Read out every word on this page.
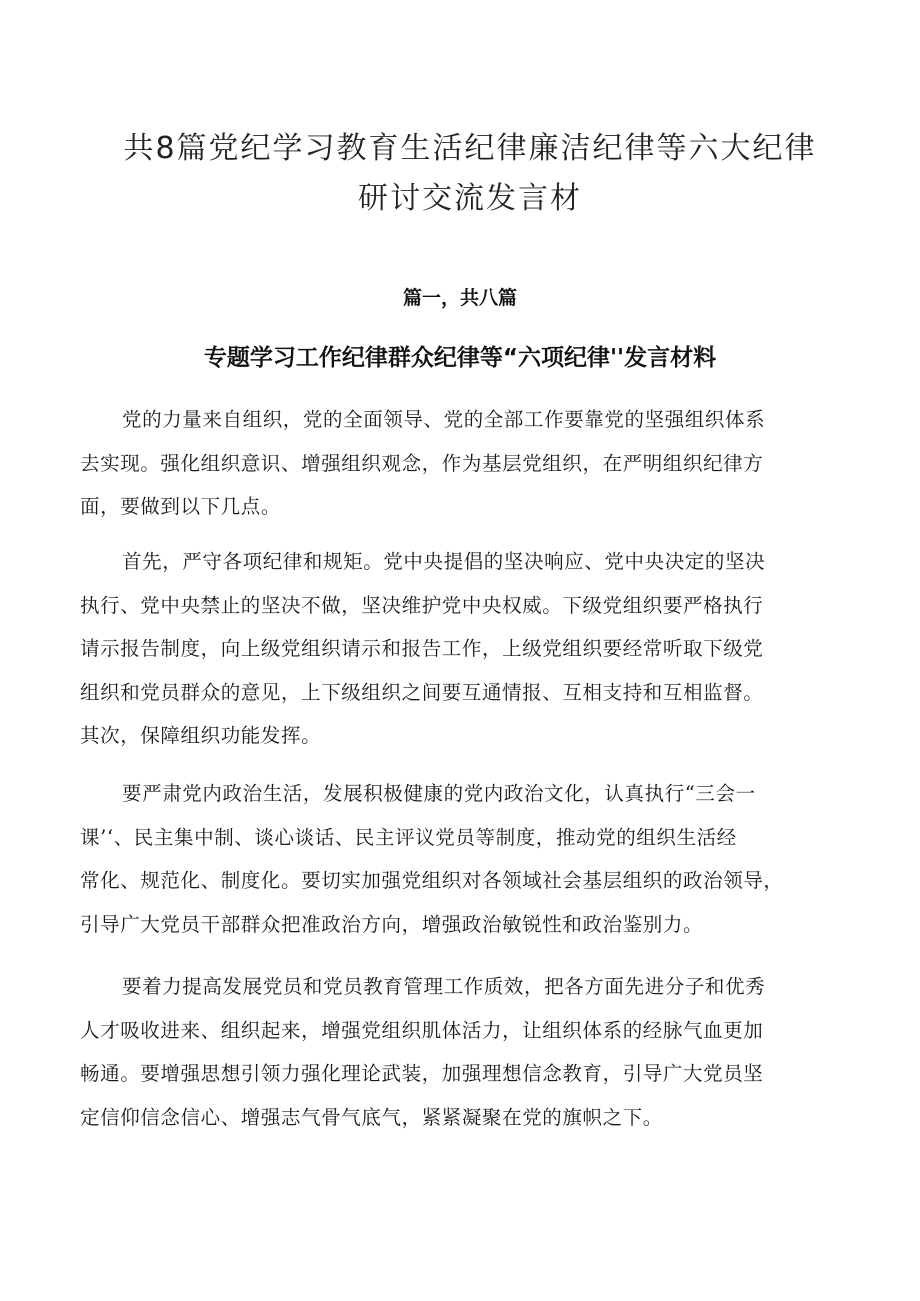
共8篇党纪学习教育生活纪律廉洁纪律等六大纪律
研讨交流发言材
篇一，共八篇
专题学习工作纪律群众纪律等“六项纪律''发言材料
党的力量来自组织，党的全面领导、党的全部工作要靠党的坚强组织体系
去实现。强化组织意识、增强组织观念，作为基层党组织，在严明组织纪律方
面，要做到以下几点。
首先，严守各项纪律和规矩。党中央提倡的坚决响应、党中央决定的坚决
执行、党中央禁止的坚决不做，坚决维护党中央权威。下级党组织要严格执行
请示报告制度，向上级党组织请示和报告工作，上级党组织要经常听取下级党
组织和党员群众的意见，上下级组织之间要互通情报、互相支持和互相监督。
其次，保障组织功能发挥。
要严肃党内政治生活，发展积极健康的党内政治文化，认真执行“三会一
课’‘、民主集中制、谈心谈话、民主评议党员等制度，推动党的组织生活经
常化、规范化、制度化。要切实加强党组织对各领域社会基层组织的政治领导，
引导广大党员干部群众把准政治方向，增强政治敏锐性和政治鉴别力。
要着力提高发展党员和党员教育管理工作质效，把各方面先进分子和优秀
人才吸收进来、组织起来，增强党组织肌体活力，让组织体系的经脉气血更加
畅通。要增强思想引领力强化理论武装，加强理想信念教育，引导广大党员坚
定信仰信念信心、增强志气骨气底气，紧紧凝聚在党的旗帜之下。
